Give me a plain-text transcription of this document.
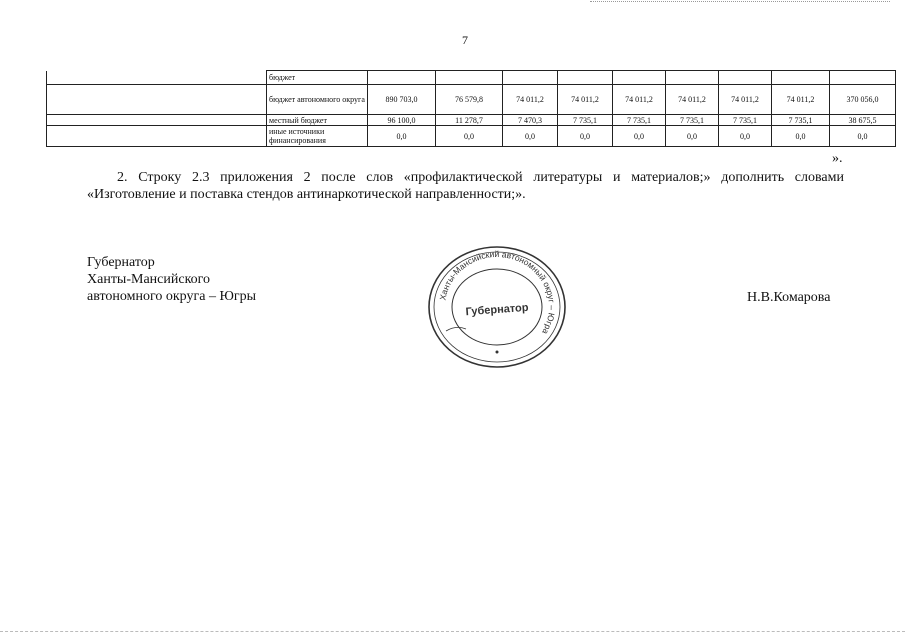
7
	бюджет									
	бюджет автономного округа	890 703,0	76 579,8	74 011,2	74 011,2	74 011,2	74 011,2	74 011,2	74 011,2	370 056,0
	местный бюджет	96 100,0	11 278,7	7 470,3	7 735,1	7 735,1	7 735,1	7 735,1	7 735,1	38 675,5
	иные источники финансирования	0,0	0,0	0,0	0,0	0,0	0,0	0,0	0,0	0,0
».
2. Строку 2.3 приложения 2 после слов «профилактической литературы и материалов;» дополнить словами «Изготовление и поставка стендов антинаркотической направленности;».
Губернатор
Ханты-Мансийского
автономного округа – Югры	Ханты-Мансийский автономный округ – Югра
Губернатор
Н.В.Комарова
